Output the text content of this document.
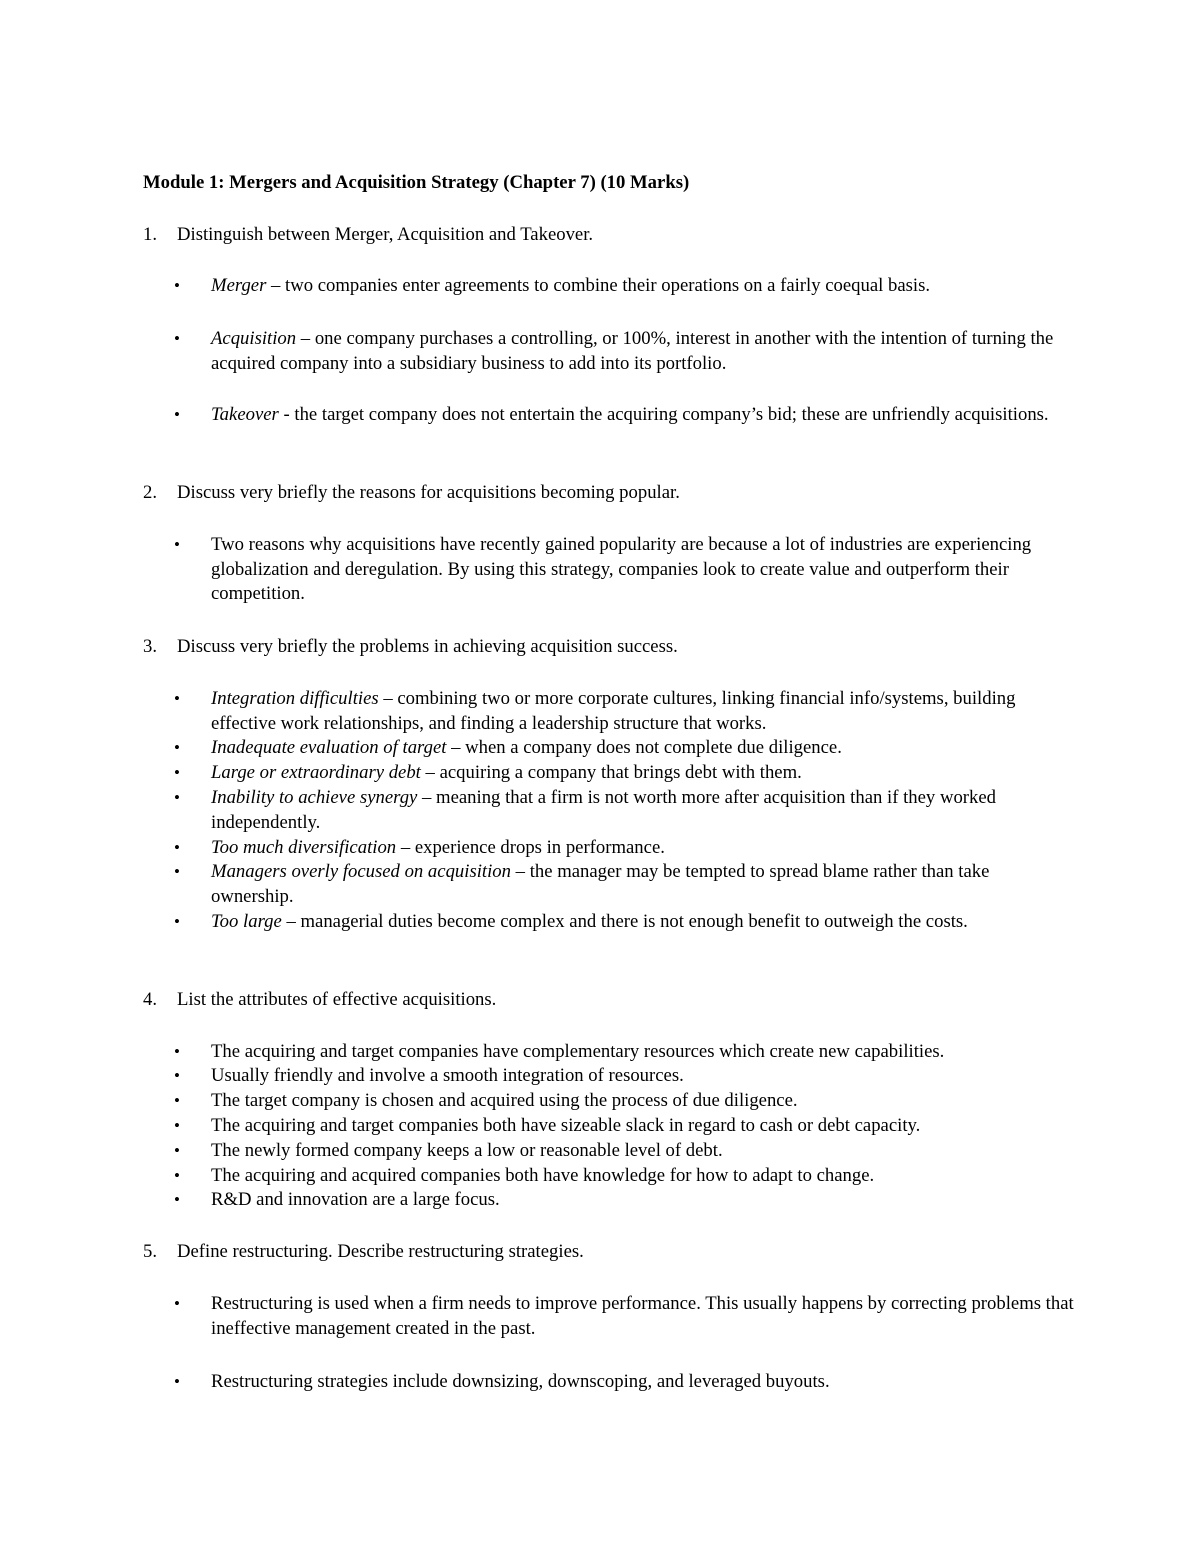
Module 1: Mergers and Acquisition Strategy (Chapter 7) (10 Marks)
1. Distinguish between Merger, Acquisition and Takeover.
•	Merger – two companies enter agreements to combine their operations on a fairly coequal basis.
•	Acquisition – one company purchases a controlling, or 100%, interest in another with the intention of turning the acquired company into a subsidiary business to add into its portfolio.
•	Takeover - the target company does not entertain the acquiring company’s bid; these are unfriendly acquisitions.
2. Discuss very briefly the reasons for acquisitions becoming popular.
•	Two reasons why acquisitions have recently gained popularity are because a lot of industries are experiencing globalization and deregulation. By using this strategy, companies look to create value and outperform their competition.
3. Discuss very briefly the problems in achieving acquisition success.
•	Integration difficulties – combining two or more corporate cultures, linking financial info/systems, building effective work relationships, and finding a leadership structure that works.
•	Inadequate evaluation of target – when a company does not complete due diligence.
•	Large or extraordinary debt – acquiring a company that brings debt with them.
•	Inability to achieve synergy – meaning that a firm is not worth more after acquisition than if they worked independently.
•	Too much diversification – experience drops in performance.
•	Managers overly focused on acquisition – the manager may be tempted to spread blame rather than take ownership.
•	Too large – managerial duties become complex and there is not enough benefit to outweigh the costs.
4. List the attributes of effective acquisitions.
•	The acquiring and target companies have complementary resources which create new capabilities.
•	Usually friendly and involve a smooth integration of resources.
•	The target company is chosen and acquired using the process of due diligence.
•	The acquiring and target companies both have sizeable slack in regard to cash or debt capacity.
•	The newly formed company keeps a low or reasonable level of debt.
•	The acquiring and acquired companies both have knowledge for how to adapt to change.
•	R&D and innovation are a large focus.
5. Define restructuring. Describe restructuring strategies.
•	Restructuring is used when a firm needs to improve performance. This usually happens by correcting problems that ineffective management created in the past.
•	Restructuring strategies include downsizing, downscoping, and leveraged buyouts.
